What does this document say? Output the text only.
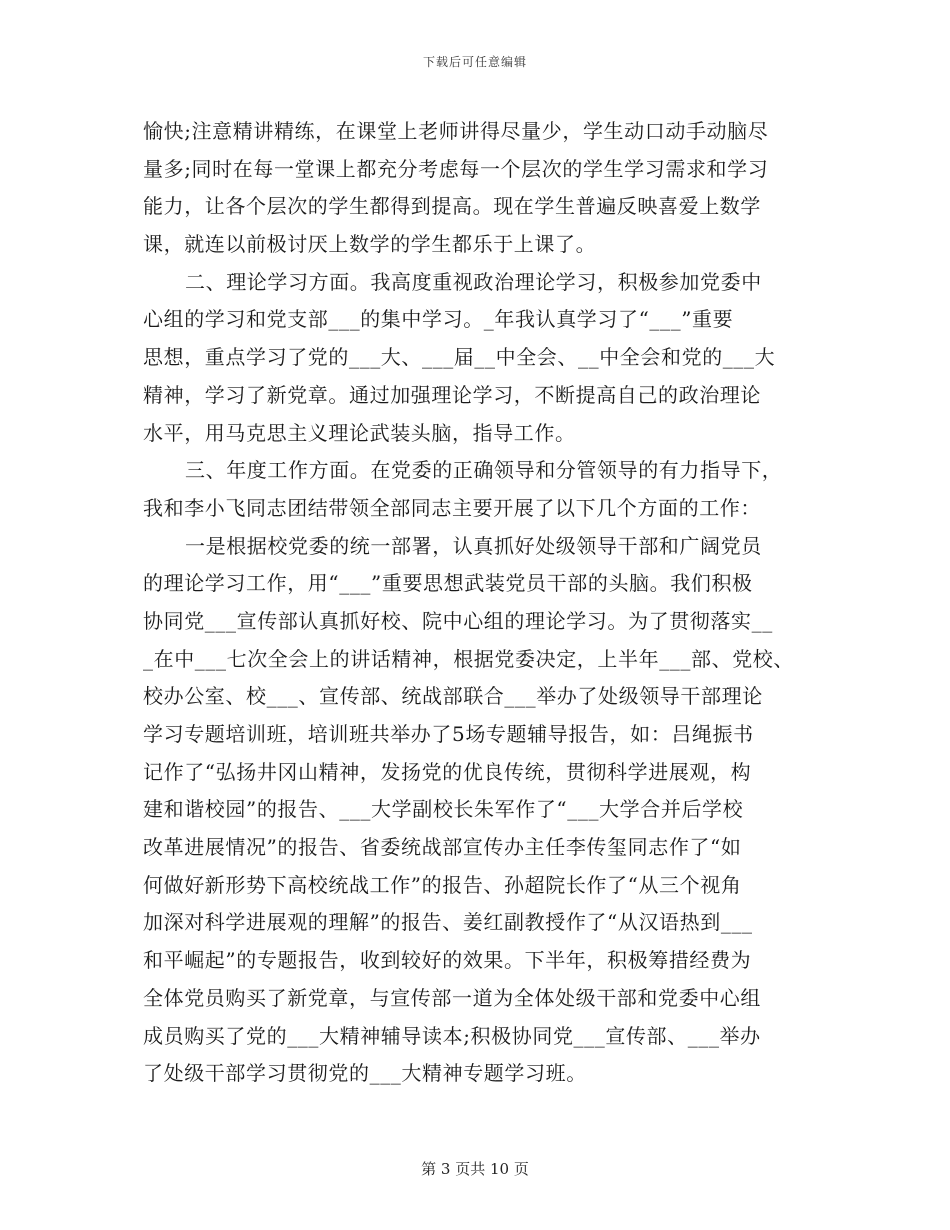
下载后可任意编辑
愉快;注意精讲精练，在课堂上老师讲得尽量少，学生动口动手动脑尽
量多;同时在每一堂课上都充分考虑每一个层次的学生学习需求和学习
能力，让各个层次的学生都得到提高。现在学生普遍反映喜爱上数学
课，就连以前极讨厌上数学的学生都乐于上课了。
二、理论学习方面。我高度重视政治理论学习，积极参加党委中
心组的学习和党支部___的集中学习。_年我认真学习了“___”重要
思想，重点学习了党的___大、___届__中全会、__中全会和党的___大
精神，学习了新党章。通过加强理论学习，不断提高自己的政治理论
水平，用马克思主义理论武装头脑，指导工作。
三、年度工作方面。在党委的正确领导和分管领导的有力指导下，
我和李小飞同志团结带领全部同志主要开展了以下几个方面的工作：
一是根据校党委的统一部署，认真抓好处级领导干部和广阔党员
的理论学习工作，用“___”重要思想武装党员干部的头脑。我们积极
协同党___宣传部认真抓好校、院中心组的理论学习。为了贯彻落实__
_在中___七次全会上的讲话精神，根据党委决定，上半年___部、党校、
校办公室、校___、宣传部、统战部联合___举办了处级领导干部理论
学习专题培训班，培训班共举办了5场专题辅导报告，如：吕绳振书
记作了“弘扬井冈山精神，发扬党的优良传统，贯彻科学进展观，构
建和谐校园”的报告、___大学副校长朱军作了“___大学合并后学校
改革进展情况”的报告、省委统战部宣传办主任李传玺同志作了“如
何做好新形势下高校统战工作”的报告、孙超院长作了“从三个视角
加深对科学进展观的理解”的报告、姜红副教授作了“从汉语热到___
和平崛起”的专题报告，收到较好的效果。下半年，积极筹措经费为
全体党员购买了新党章，与宣传部一道为全体处级干部和党委中心组
成员购买了党的___大精神辅导读本;积极协同党___宣传部、___举办
了处级干部学习贯彻党的___大精神专题学习班。
第 3 页共 10 页
